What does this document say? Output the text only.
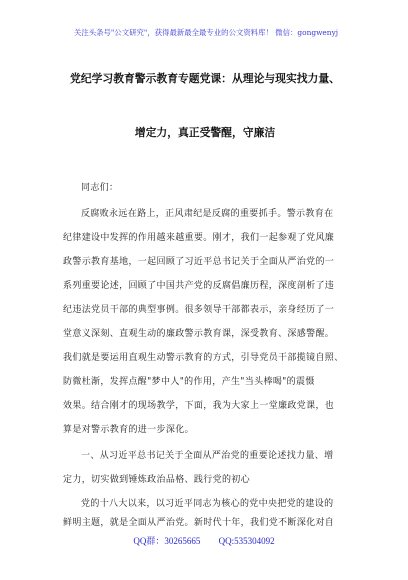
关注头条号"公文研究"，获得最新最全最专业的公文资料库！ 微信：gongwenyj
党纪学习教育警示教育专题党课：从理论与现实找力量、
增定力，真正受警醒，守廉洁
同志们：
反腐败永远在路上，正风肃纪是反腐的重要抓手。警示教育在
纪律建设中发挥的作用越来越重要。刚才，我们一起参观了党风廉
政警示教育基地，一起回顾了习近平总书记关于全面从严治党的一
系列重要论述，回顾了中国共产党的反腐倡廉历程，深度剖析了违
纪违法党员干部的典型事例。很多领导干部都表示，亲身经历了一
堂意义深刻、直观生动的廉政警示教育课，深受教育、深感警醒。
我们就是要运用直观生动警示教育的方式，引导党员干部揽镜自照、
防微杜渐，发挥点醒"梦中人"的作用，产生"当头棒喝"的震慑
效果。结合刚才的现场教学，下面，我为大家上一堂廉政党课，也
算是对警示教育的进一步深化。
一、从习近平总书记关于全面从严治党的重要论述找力量、增
定力，切实做到锤炼政治品格、践行党的初心
党的十八大以来，以习近平同志为核心的党中央把党的建设的
鲜明主题，就是全面从严治党。新时代十年，我们党不断深化对自
QQ群：30265665 QQ:535304092
